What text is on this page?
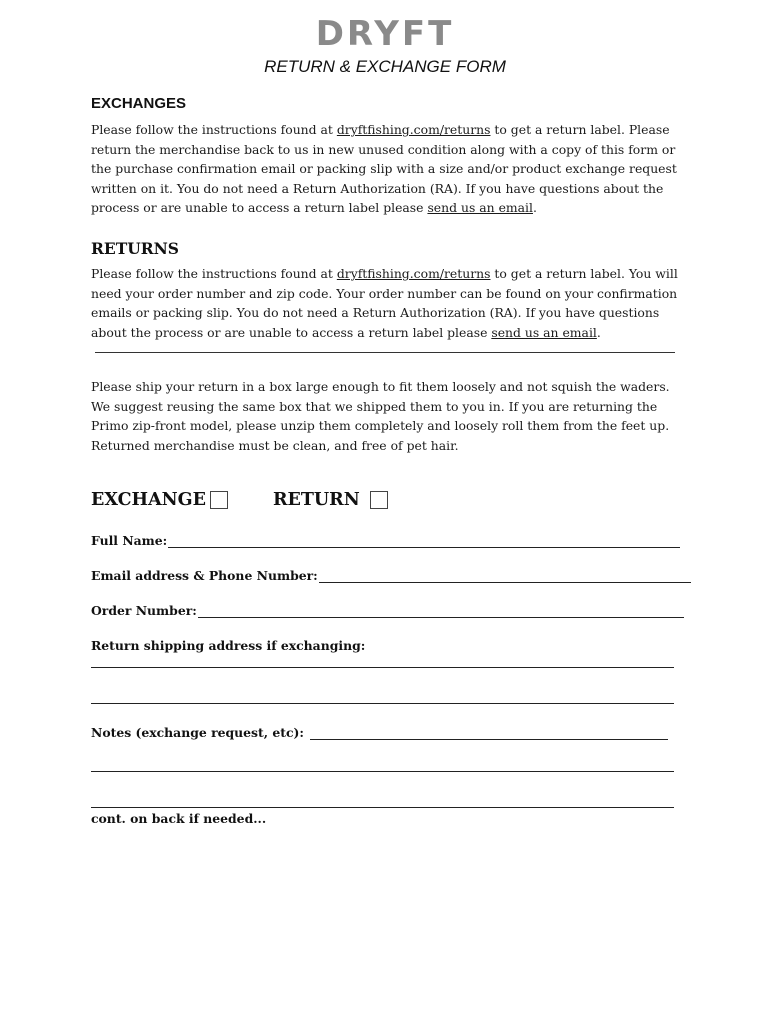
DRYFT
RETURN & EXCHANGE FORM
EXCHANGES

Please follow the instructions found at dryftfishing.com/returns to get a return label. Please return the merchandise back to us in new unused condition along with a copy of this form or the purchase confirmation email or packing slip with a size and/or product exchange request written on it. You do not need a Return Authorization (RA). If you have questions about the process or are unable to access a return label please send us an email.

RETURNS

Please follow the instructions found at dryftfishing.com/returns to get a return label. You will need your order number and zip code. Your order number can be found on your confirmation emails or packing slip. You do not need a Return Authorization (RA). If you have questions about the process or are unable to access a return label please send us an email.

Please ship your return in a box large enough to fit them loosely and not squish the waders. We suggest reusing the same box that we shipped them to you in. If you are returning the Primo zip-front model, please unzip them completely and loosely roll them from the feet up. Returned merchandise must be clean, and free of pet hair.

EXCHANGE	RETURN
Full Name:
Email address & Phone Number:
Order Number:
Return shipping address if exchanging:
Notes (exchange request, etc):
cont. on back if needed...
